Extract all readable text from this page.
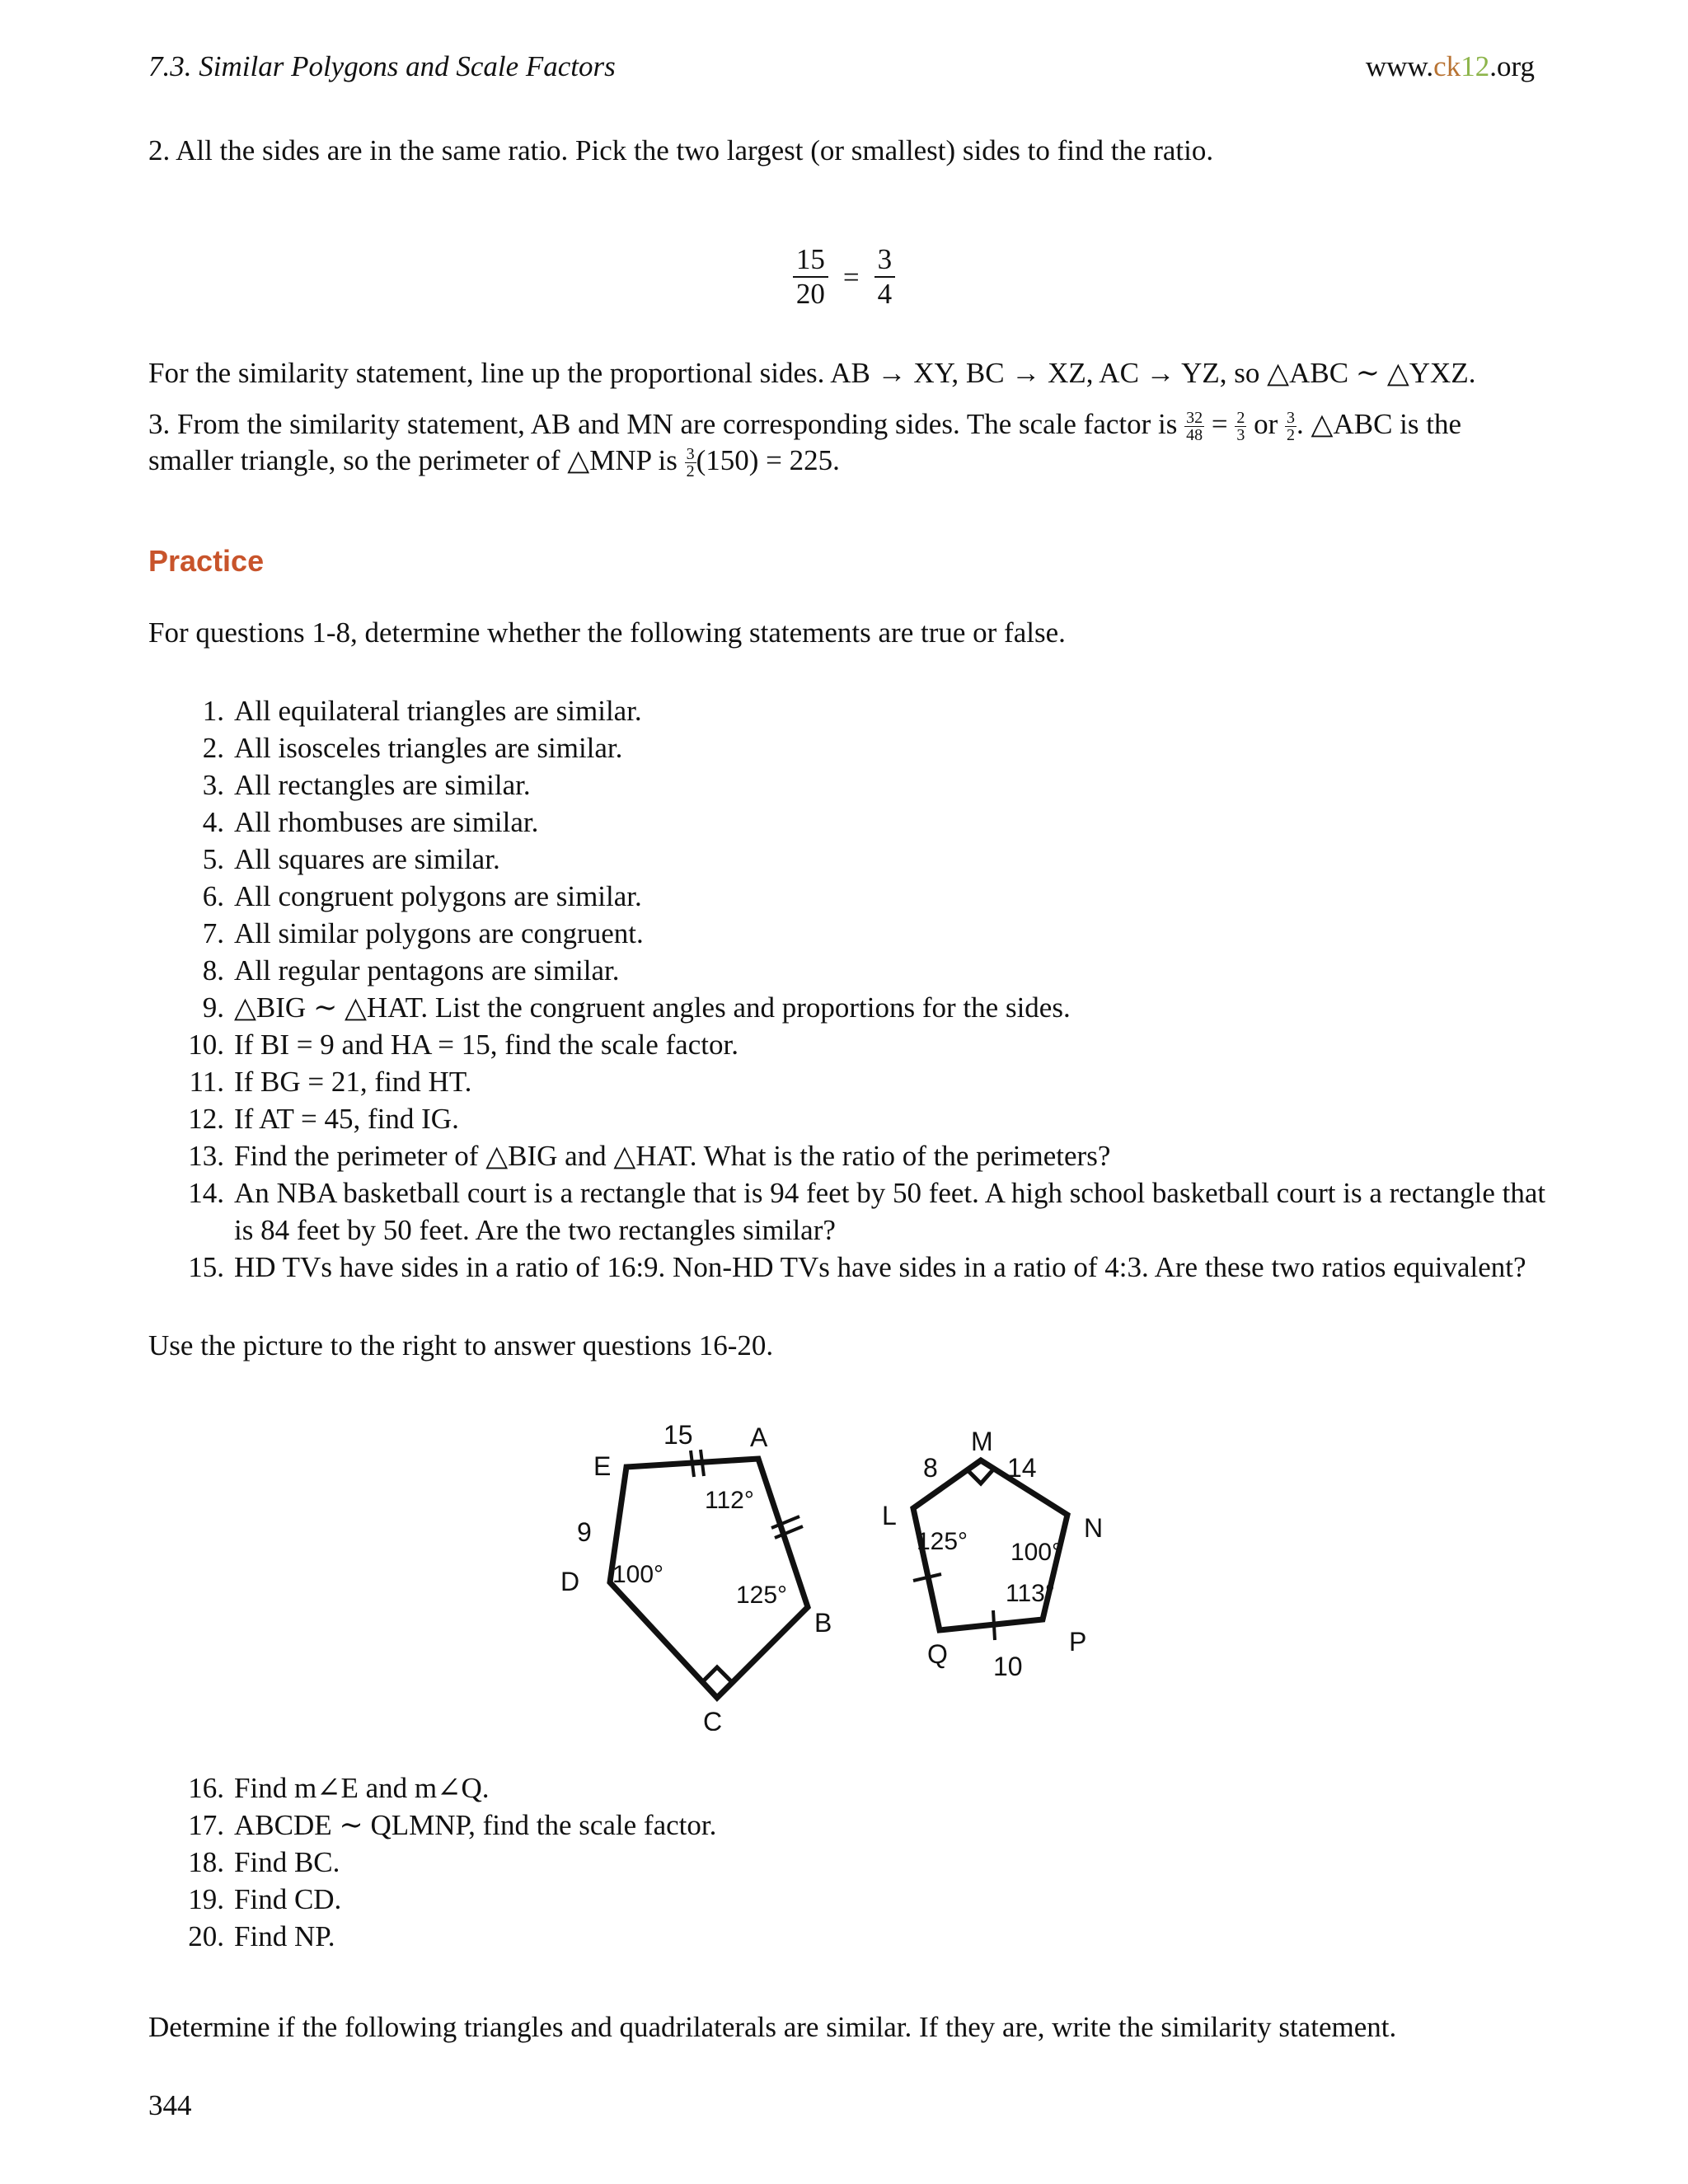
7.3. Similar Polygons and Scale Factors	www.ck12.org
2. All the sides are in the same ratio. Pick the two largest (or smallest) sides to find the ratio.
$\frac{15}{20} = \frac{3}{4}$
For the similarity statement, line up the proportional sides. AB → XY, BC → XZ, AC → YZ, so △ABC ∼ △YXZ.
3. From the similarity statement, AB and MN are corresponding sides. The scale factor is $\frac{32}{48} = \frac{2}{3}$ or $\frac{3}{2}$ . △ABC is the
smaller triangle, so the perimeter of △MNP is $\frac{3}{2} (150) = 225$.
Practice
For questions 1-8, determine whether the following statements are true or false.
1. All equilateral triangles are similar.
2. All isosceles triangles are similar.
3. All rectangles are similar.
4. All rhombuses are similar.
5. All squares are similar.
6. All congruent polygons are similar.
7. All similar polygons are congruent.
8. All regular pentagons are similar.
9. △BIG ∼ △HAT. List the congruent angles and proportions for the sides.
10. If BI = 9 and HA = 15, find the scale factor.
11. If BG = 21, find HT.
12. If AT = 45, find IG.
13. Find the perimeter of △BIG and △HAT. What is the ratio of the perimeters?
14. An NBA basketball court is a rectangle that is 94 feet by 50 feet. A high school basketball court is a rectangle that is 84 feet by 50 feet. Are the two rectangles similar?
15. HD TVs have sides in a ratio of 16:9. Non-HD TVs have sides in a ratio of 4:3. Are these two ratios equivalent?
Use the picture to the right to answer questions 16-20.
E
15 A
112°
9
D 100°
125°
B
C
M
8	14
L
125° 100°
N
113°
P
Q 10
16. Find m∠E and m∠Q.
17. ABCDE ∼ QLMNP, find the scale factor.
18. Find BC.
19. Find CD.
20. Find NP.
Determine if the following triangles and quadrilaterals are similar. If they are, write the similarity statement.
344
